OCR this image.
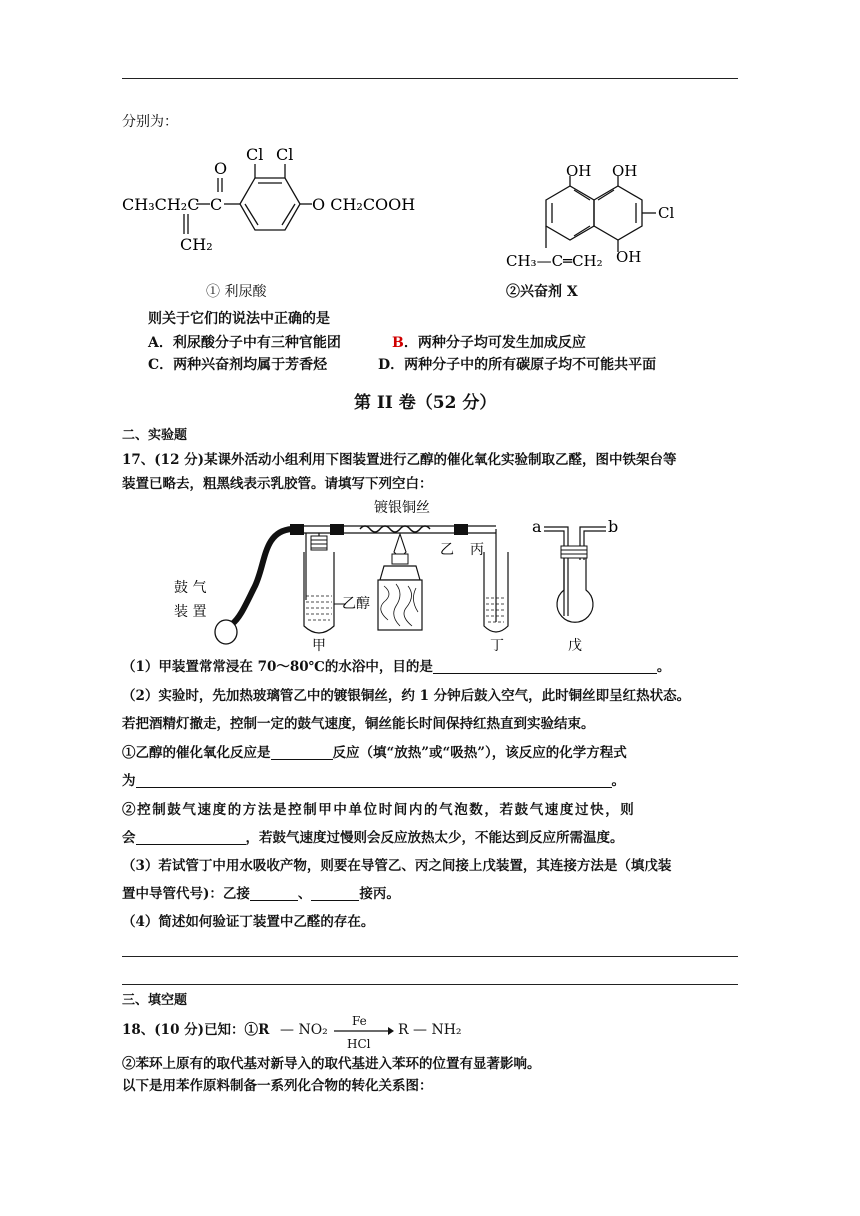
分别为：
CH₃CH₂C C
O
CH₂
Cl Cl
O CH₂COOH
① 利尿酸
OH OH
OH
Cl
CH₃—C═CH₂
②兴奋剂 X
则关于它们的说法中正确的是
A．利尿酸分子中有三种官能团	B．两种分子均可发生加成反应
C．两种兴奋剂均属于芳香烃	D．两种分子中的所有碳原子均不可能共平面
第 II 卷（52 分）
二、实验题
17、(12 分)某课外活动小组利用下图装置进行乙醇的催化氧化实验制取乙醛，图中铁架台等
装置已略去，粗黑线表示乳胶管。请填写下列空白：
镀银铜丝
鼓 气
装 置	乙醇
甲
乙 丙
丁
a	b
戊
（1）甲装置常常浸在 70～80℃的水浴中，目的是	。
（2）实验时，先加热玻璃管乙中的镀银铜丝，约 1 分钟后鼓入空气，此时铜丝即呈红热状态。
若把酒精灯撤走，控制一定的鼓气速度，铜丝能长时间保持红热直到实验结束。
①乙醇的催化氧化反应是	反应（填“放热”或“吸热”），该反应的化学方程式
为	。
②控制鼓气速度的方法是控制甲中单位时间内的气泡数，若鼓气速度过快，则
会	，若鼓气速度过慢则会反应放热太少，不能达到反应所需温度。
（3）若试管丁中用水吸收产物，则要在导管乙、丙之间接上戊装置，其连接方法是（填戊装
置中导管代号)：乙接	、	接丙。
（4）简述如何验证丁装置中乙醛的存在。
三、填空题
18、(10 分)已知：①R — NO₂
Fe
HCl
R — NH₂
②苯环上原有的取代基对新导入的取代基进入苯环的位置有显著影响。
以下是用苯作原料制备一系列化合物的转化关系图：
